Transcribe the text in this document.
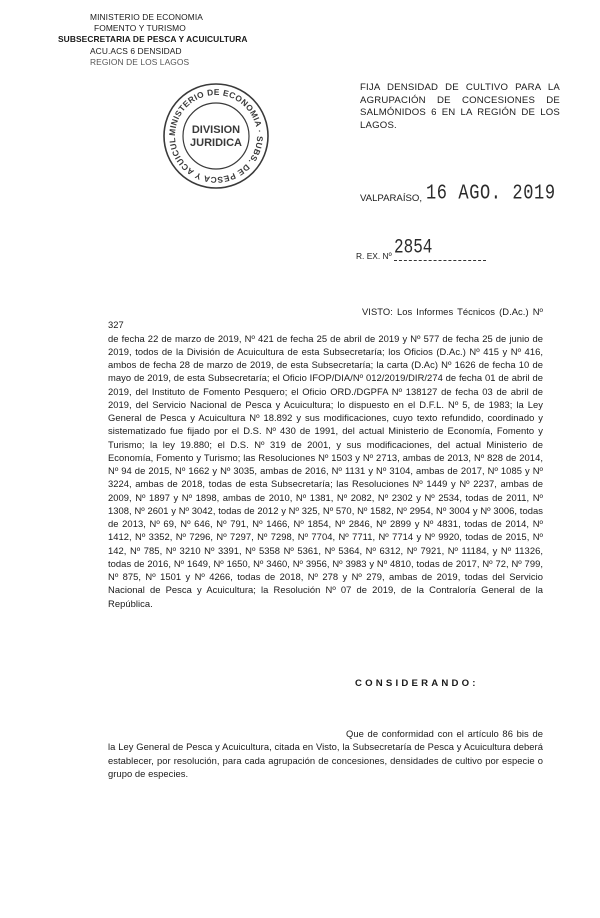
MINISTERIO DE ECONOMIA
FOMENTO Y TURISMO
SUBSECRETARIA DE PESCA Y ACUICULTURA
ACU.ACS 6 DENSIDAD
REGION DE LOS LAGOS
MINISTERIO DE ECONOMIA · SUBS. DE PESCA Y ACUICUL
DIVISION
JURIDICA
FIJA DENSIDAD DE CULTIVO PARA LA AGRUPACIÓN DE CONCESIONES DE SALMÓNIDOS 6 EN LA REGIÓN DE LOS LAGOS.
VALPARAÍSO, 16 AGO. 2019
R. EX. Nº 2854
VISTO: Los Informes Técnicos (D.Ac.) Nº 327
de fecha 22 de marzo de 2019, Nº 421 de fecha 25 de abril de 2019 y Nº 577 de fecha 25 de junio de 2019, todos de la División de Acuicultura de esta Subsecretaría; los Oficios (D.Ac.) Nº 415 y Nº 416, ambos de fecha 28 de marzo de 2019, de esta Subsecretaría; la carta (D.Ac) Nº 1626 de fecha 10 de mayo de 2019, de esta Subsecretaría; el Oficio IFOP/DIA/Nº 012/2019/DIR/274 de fecha 01 de abril de 2019, del Instituto de Fomento Pesquero; el Oficio ORD./DGPFA Nº 138127 de fecha 03 de abril de 2019, del Servicio Nacional de Pesca y Acuicultura; lo dispuesto en el D.F.L. Nº 5, de 1983; la Ley General de Pesca y Acuicultura Nº 18.892 y sus modificaciones, cuyo texto refundido, coordinado y sistematizado fue fijado por el D.S. Nº 430 de 1991, del actual Ministerio de Economía, Fomento y Turismo; la ley 19.880; el D.S. Nº 319 de 2001, y sus modificaciones, del actual Ministerio de Economía, Fomento y Turismo; las Resoluciones Nº 1503 y Nº 2713, ambas de 2013, Nº 828 de 2014, Nº 94 de 2015, Nº 1662 y Nº 3035, ambas de 2016, Nº 1131 y Nº 3104, ambas de 2017, Nº 1085 y Nº 3224, ambas de 2018, todas de esta Subsecretaría; las Resoluciones Nº 1449 y Nº 2237, ambas de 2009, Nº 1897 y Nº 1898, ambas de 2010, Nº 1381, Nº 2082, Nº 2302 y Nº 2534, todas de 2011, Nº 1308, Nº 2601 y Nº 3042, todas de 2012 y Nº 325, Nº 570, Nº 1582, Nº 2954, Nº 3004 y Nº 3006, todas de 2013, Nº 69, Nº 646, Nº 791, Nº 1466, Nº 1854, Nº 2846, Nº 2899 y Nº 4831, todas de 2014, Nº 1412, Nº 3352, Nº 7296, Nº 7297, Nº 7298, Nº 7704, Nº 7711, Nº 7714 y Nº 9920, todas de 2015, Nº 142, Nº 785, Nº 3210 Nº 3391, Nº 5358 Nº 5361, Nº 5364, Nº 6312, Nº 7921, Nº 11184, y Nº 11326, todas de 2016, Nº 1649, Nº 1650, Nº 3460, Nº 3956, Nº 3983 y Nº 4810, todas de 2017, Nº 72, Nº 799, Nº 875, Nº 1501 y Nº 4266, todas de 2018, Nº 278 y Nº 279, ambas de 2019, todas del Servicio Nacional de Pesca y Acuicultura; la Resolución Nº 07 de 2019, de la Contraloría General de la República.
CONSIDERANDO:
Que de conformidad con el artículo 86 bis de la Ley General de Pesca y Acuicultura, citada en Visto, la Subsecretaría de Pesca y Acuicultura deberá establecer, por resolución, para cada agrupación de concesiones, densidades de cultivo por especie o grupo de especies.
